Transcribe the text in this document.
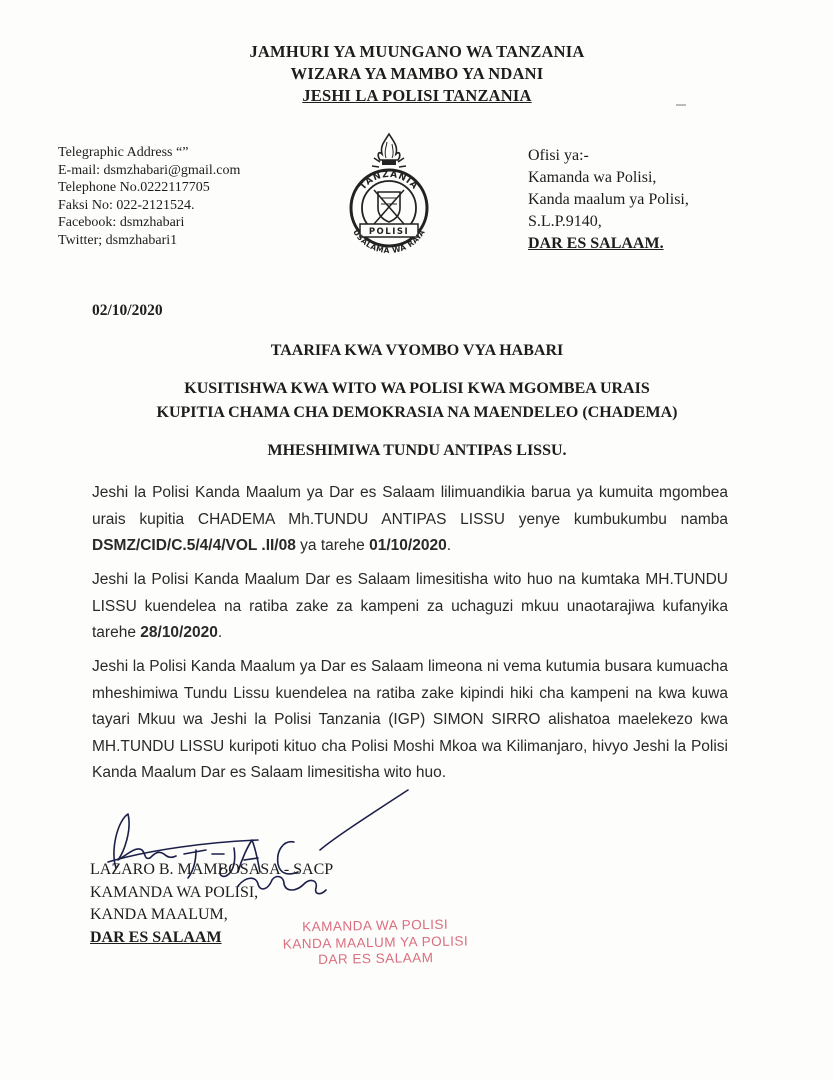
JAMHURI YA MUUNGANO WA TANZANIA
WIZARA YA MAMBO YA NDANI
JESHI LA POLISI TANZANIA
Telegraphic Address “”
E-mail: dsmzhabari@gmail.com
Telephone No.0222117705
Faksi No: 022-2121524.
Facebook: dsmzhabari
Twitter; dsmzhabari1
TANZANIA
POLISI
USALAMA WA RAIA
Ofisi ya:-
Kamanda wa Polisi,
Kanda maalum ya Polisi,
S.L.P.9140,
DAR ES SALAAM.
02/10/2020
TAARIFA KWA VYOMBO VYA HABARI
KUSITISHWA KWA WITO WA POLISI KWA MGOMBEA URAIS
KUPITIA CHAMA CHA DEMOKRASIA NA MAENDELEO (CHADEMA)
MHESHIMIWA TUNDU ANTIPAS LISSU.
Jeshi la Polisi Kanda Maalum ya Dar es Salaam lilimuandikia barua ya kumuita mgombea urais kupitia CHADEMA Mh.TUNDU ANTIPAS LISSU yenye kumbukumbu namba DSMZ/CID/C.5/4/4/VOL .II/08 ya tarehe 01/10/2020.
Jeshi la Polisi Kanda Maalum Dar es Salaam limesitisha wito huo na kumtaka MH.TUNDU LISSU kuendelea na ratiba zake za kampeni za uchaguzi mkuu unaotarajiwa kufanyika tarehe 28/10/2020.
Jeshi la Polisi Kanda Maalum ya Dar es Salaam limeona ni vema kutumia busara kumuacha mheshimiwa Tundu Lissu kuendelea na ratiba zake kipindi hiki cha kampeni na kwa kuwa tayari Mkuu wa Jeshi la Polisi Tanzania (IGP) SIMON SIRRO alishatoa maelekezo kwa MH.TUNDU LISSU kuripoti kituo cha Polisi Moshi Mkoa wa Kilimanjaro, hivyo Jeshi la Polisi Kanda Maalum Dar es Salaam limesitisha wito huo.
LAZARO B. MAMBOSASA - SACP
KAMANDA WA POLISI,
KANDA MAALUM,
DAR ES SALAAM
KAMANDA WA POLISI
KANDA MAALUM YA POLISI
DAR ES SALAAM
